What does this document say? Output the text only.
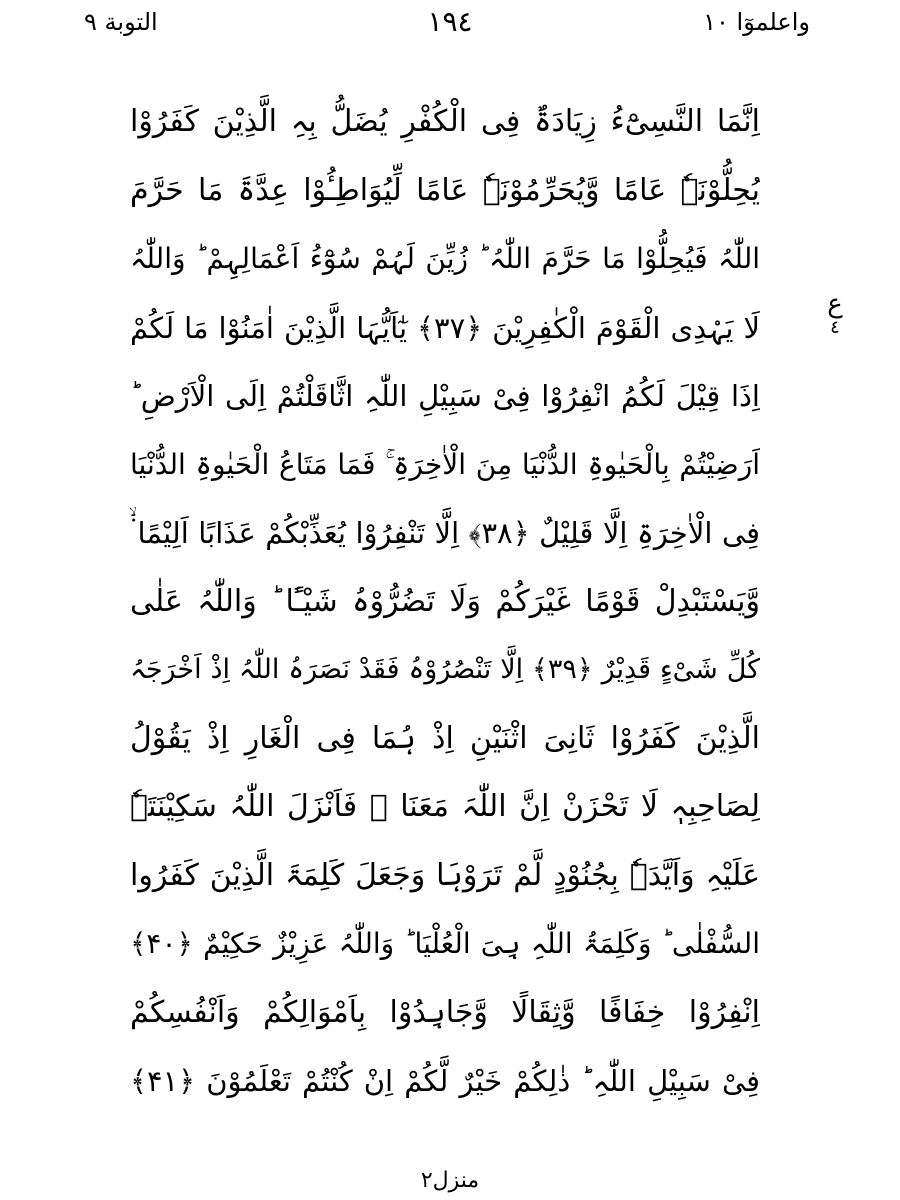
التوبة ٩	١٩٤	واعلموٓا ١٠
اِنَّمَا النَّسِیْٓءُ زِیَادَۃٌ فِی الْکُفْرِ یُضَلُّ بِہِ الَّذِیْنَ کَفَرُوْا
یُحِلُّوْنَہٗ عَامًا وَّیُحَرِّمُوْنَہٗ عَامًا لِّیُوَاطِـُٔوْا عِدَّۃَ مَا حَرَّمَ
اللّٰہُ فَیُحِلُّوْا مَا حَرَّمَ اللّٰہُ ؕ زُیِّنَ لَہُمْ سُوْٓءُ اَعْمَالِہِمْ ؕ وَاللّٰہُ
لَا یَہْدِی الْقَوْمَ الْکٰفِرِیْنَ ﴿۳۷﴾ یٰٓاَیُّہَا الَّذِیْنَ اٰمَنُوْا مَا لَکُمْ
اِذَا قِیْلَ لَکُمُ انْفِرُوْا فِیْ سَبِیْلِ اللّٰہِ اثَّاقَلْتُمْ اِلَی الْاَرْضِ ؕ
اَرَضِیْتُمْ بِالْحَیٰوۃِ الدُّنْیَا مِنَ الْاٰخِرَۃِ ۚ فَمَا مَتَاعُ الْحَیٰوۃِ الدُّنْیَا
فِی الْاٰخِرَۃِ اِلَّا قَلِیْلٌ ﴿۳۸﴾ اِلَّا تَنْفِرُوْا یُعَذِّبْکُمْ عَذَابًا اَلِیْمًا ۬ۙ
وَّیَسْتَبْدِلْ قَوْمًا غَیْرَکُمْ وَلَا تَضُرُّوْہُ شَیْـًٔا ؕ وَاللّٰہُ عَلٰی
کُلِّ شَیْءٍ قَدِیْرٌ ﴿۳۹﴾ اِلَّا تَنْصُرُوْہُ فَقَدْ نَصَرَہُ اللّٰہُ اِذْ اَخْرَجَہُ
الَّذِیْنَ کَفَرُوْا ثَانِیَ اثْنَیْنِ اِذْ ہُمَا فِی الْغَارِ اِذْ یَقُوْلُ
لِصَاحِبِہٖ لَا تَحْزَنْ اِنَّ اللّٰہَ مَعَنَا ۚ فَاَنْزَلَ اللّٰہُ سَکِیْنَتَہٗ
عَلَیْہِ وَاَیَّدَہٗ بِجُنُوْدٍ لَّمْ تَرَوْہَا وَجَعَلَ کَلِمَۃَ الَّذِیْنَ کَفَرُوا
السُّفْلٰی ؕ وَکَلِمَۃُ اللّٰہِ ہِیَ الْعُلْیَا ؕ وَاللّٰہُ عَزِیْزٌ حَکِیْمٌ ﴿۴۰﴾
اِنْفِرُوْا خِفَافًا وَّثِقَالًا وَّجَاہِدُوْا بِاَمْوَالِکُمْ وَاَنْفُسِکُمْ
فِیْ سَبِیْلِ اللّٰہِ ؕ ذٰلِکُمْ خَیْرٌ لَّکُمْ اِنْ کُنْتُمْ تَعْلَمُوْنَ ﴿۴۱﴾
ع
٤
منزل۲
